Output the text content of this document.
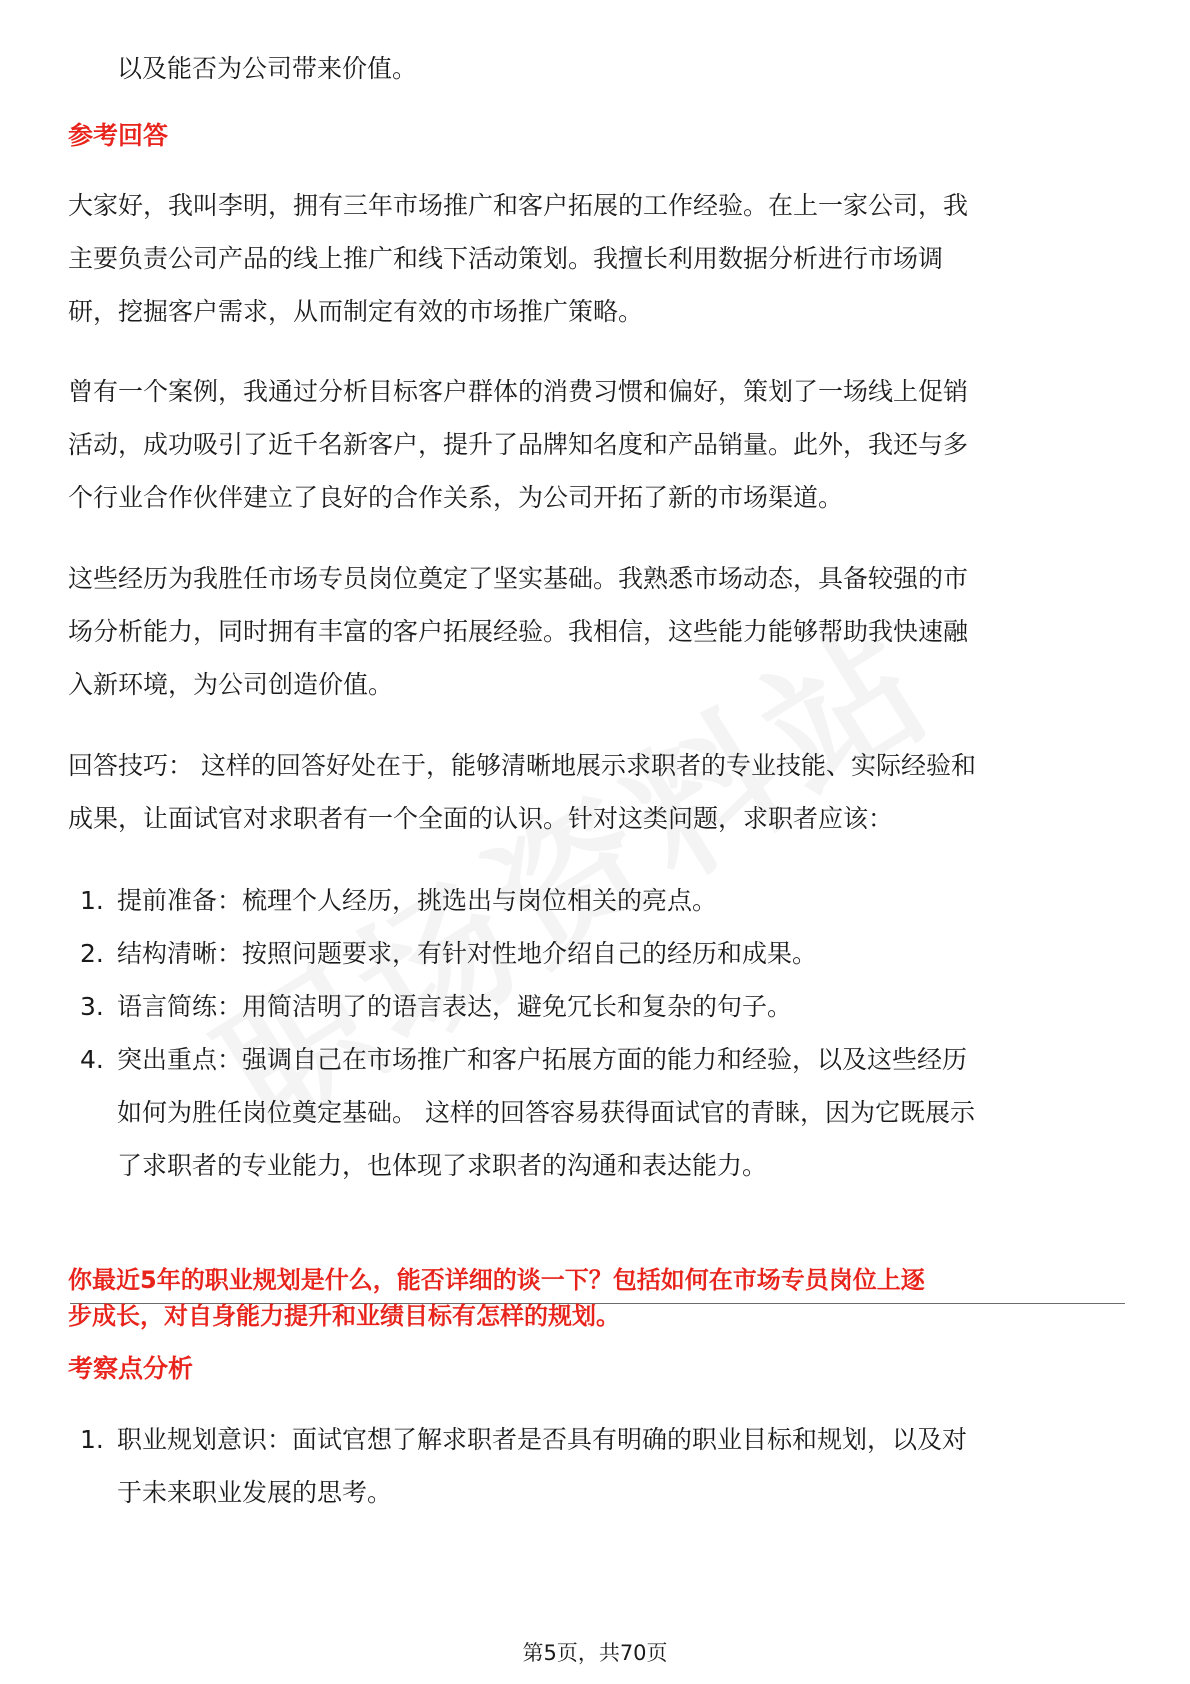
以及能否为公司带来价值。
参考回答
大家好，我叫李明，拥有三年市场推广和客户拓展的工作经验。在上一家公司，我
主要负责公司产品的线上推广和线下活动策划。我擅长利用数据分析进行市场调
研，挖掘客户需求，从而制定有效的市场推广策略。
曾有一个案例，我通过分析目标客户群体的消费习惯和偏好，策划了一场线上促销
活动，成功吸引了近千名新客户，提升了品牌知名度和产品销量。此外，我还与多
个行业合作伙伴建立了良好的合作关系，为公司开拓了新的市场渠道。
这些经历为我胜任市场专员岗位奠定了坚实基础。我熟悉市场动态，具备较强的市
场分析能力，同时拥有丰富的客户拓展经验。我相信，这些能力能够帮助我快速融
入新环境，为公司创造价值。
回答技巧： 这样的回答好处在于，能够清晰地展示求职者的专业技能、实际经验和
成果，让面试官对求职者有一个全面的认识。针对这类问题，求职者应该：
1. 提前准备：梳理个人经历，挑选出与岗位相关的亮点。
2. 结构清晰：按照问题要求，有针对性地介绍自己的经历和成果。
3. 语言简练：用简洁明了的语言表达，避免冗长和复杂的句子。
4. 突出重点：强调自己在市场推广和客户拓展方面的能力和经验，以及这些经历
如何为胜任岗位奠定基础。 这样的回答容易获得面试官的青睐，因为它既展示
了求职者的专业能力，也体现了求职者的沟通和表达能力。
你最近5年的职业规划是什么，能否详细的谈一下？包括如何在市场专员岗位上逐
步成长，对自身能力提升和业绩目标有怎样的规划。
考察点分析
1. 职业规划意识：面试官想了解求职者是否具有明确的职业目标和规划，以及对
于未来职业发展的思考。
第5页，共70页
